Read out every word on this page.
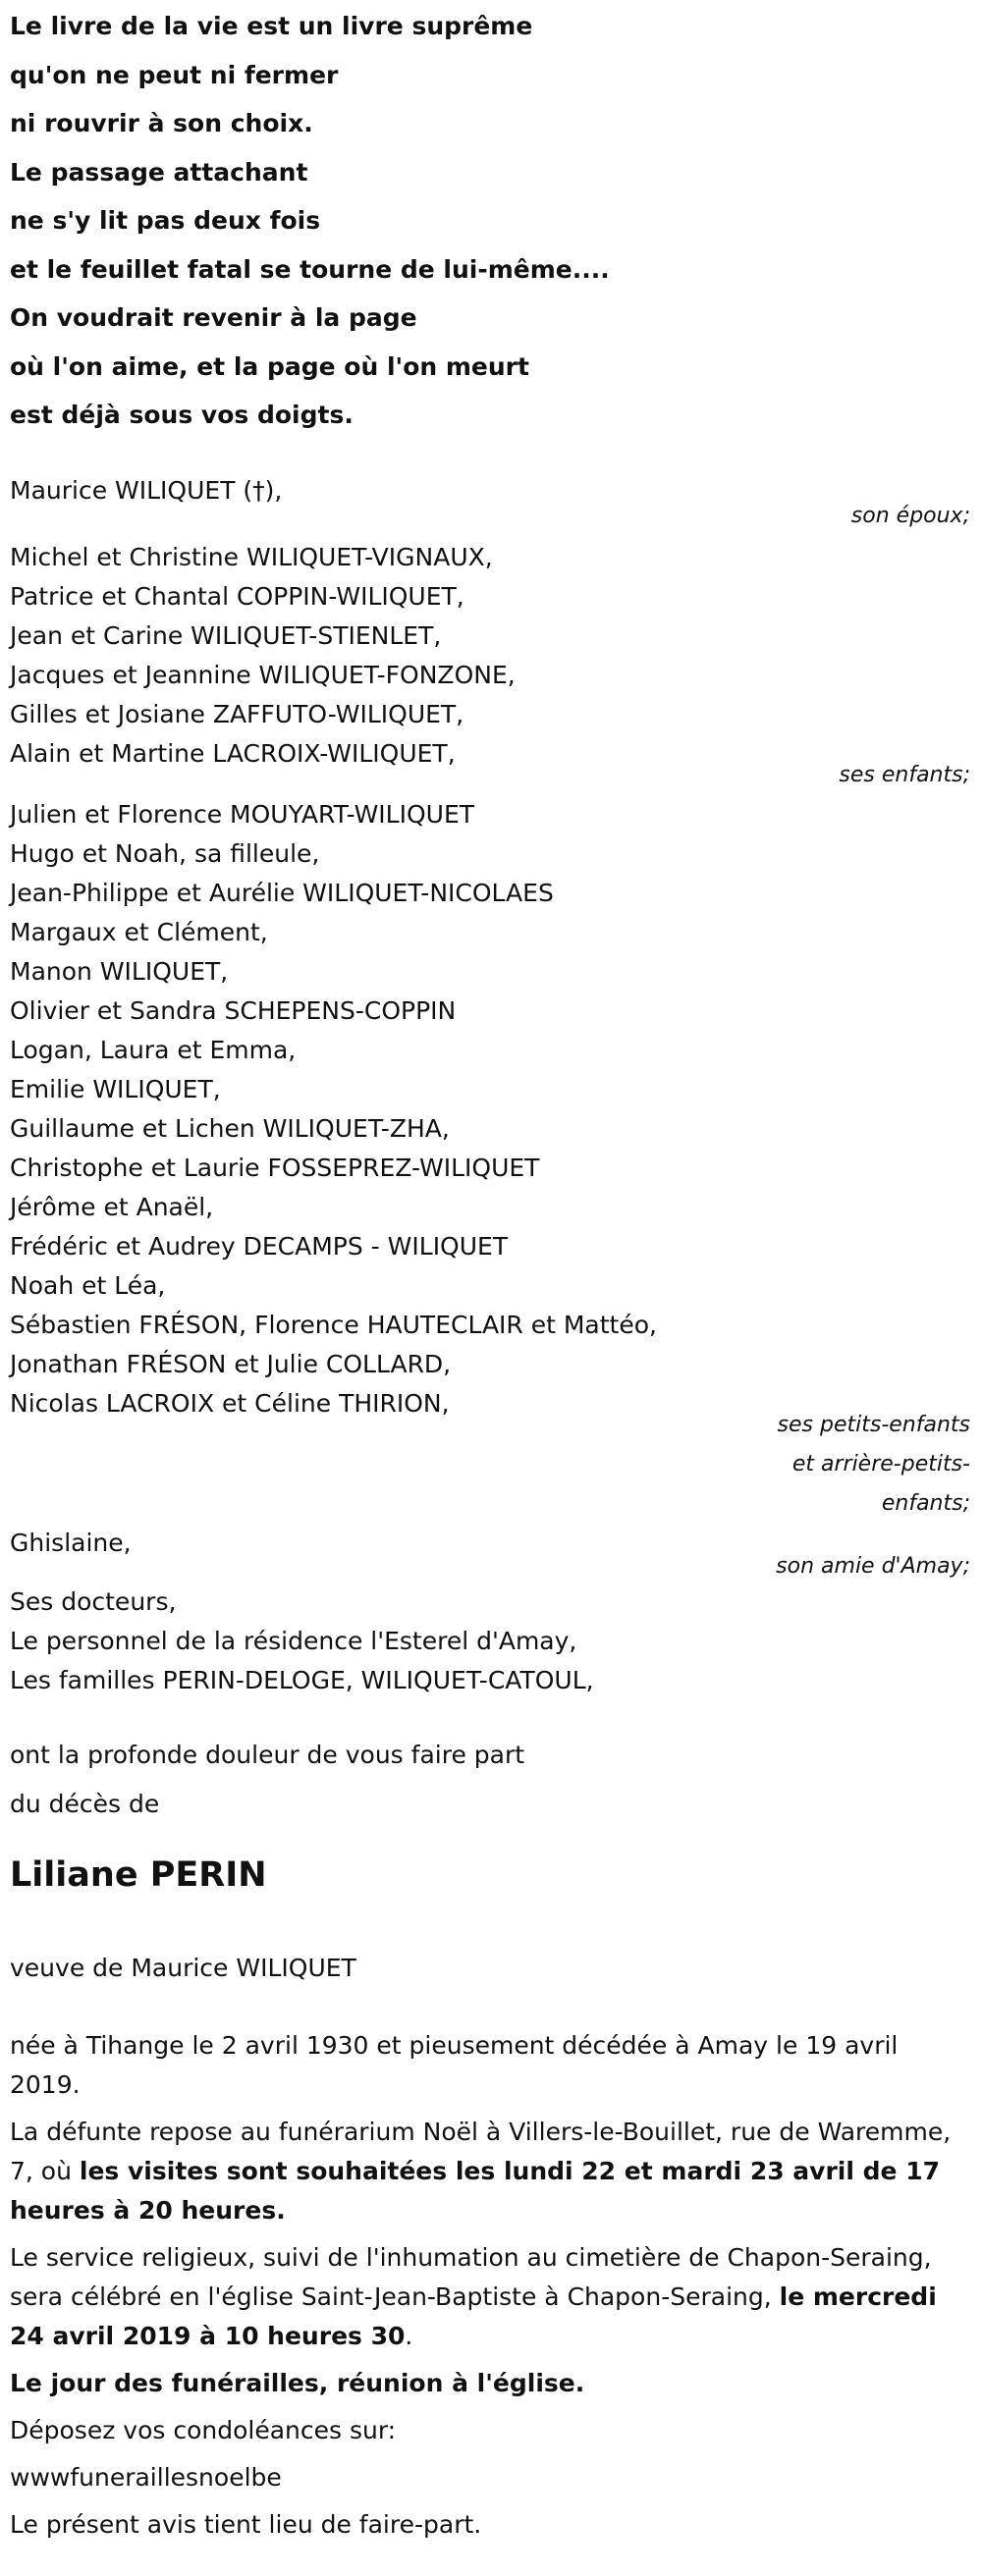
Le livre de la vie est un livre suprême
qu'on ne peut ni fermer
ni rouvrir à son choix.
Le passage attachant
ne s'y lit pas deux fois
et le feuillet fatal se tourne de lui-même....
On voudrait revenir à la page
où l'on aime, et la page où l'on meurt
est déjà sous vos doigts.
Maurice WILIQUET (†),
son époux;
Michel et Christine WILIQUET-VIGNAUX,
Patrice et Chantal COPPIN-WILIQUET,
Jean et Carine WILIQUET-STIENLET,
Jacques et Jeannine WILIQUET-FONZONE,
Gilles et Josiane ZAFFUTO-WILIQUET,
Alain et Martine LACROIX-WILIQUET,
ses enfants;
Julien et Florence MOUYART-WILIQUET
Hugo et Noah, sa filleule,
Jean-Philippe et Aurélie WILIQUET-NICOLAES
Margaux et Clément,
Manon WILIQUET,
Olivier et Sandra SCHEPENS-COPPIN
Logan, Laura et Emma,
Emilie WILIQUET,
Guillaume et Lichen WILIQUET-ZHA,
Christophe et Laurie FOSSEPREZ-WILIQUET
Jérôme et Anaël,
Frédéric et Audrey DECAMPS - WILIQUET
Noah et Léa,
Sébastien FRÉSON, Florence HAUTECLAIR et Mattéo,
Jonathan FRÉSON et Julie COLLARD,
Nicolas LACROIX et Céline THIRION,
ses petits-enfants
et arrière-petits-
enfants;
Ghislaine,
son amie d'Amay;
Ses docteurs,
Le personnel de la résidence l'Esterel d'Amay,
Les familles PERIN-DELOGE, WILIQUET-CATOUL,
ont la profonde douleur de vous faire part
du décès de
Liliane PERIN
veuve de Maurice WILIQUET

née à Tihange le 2 avril 1930 et pieusement décédée à Amay le 19 avril 2019.

La défunte repose au funérarium Noël à Villers-le-Bouillet, rue de Waremme, 7, où les visites sont souhaitées les lundi 22 et mardi 23 avril de 17 heures à 20 heures.

Le service religieux, suivi de l'inhumation au cimetière de Chapon-Seraing, sera célébré en l'église Saint-Jean-Baptiste à Chapon-Seraing, le mercredi 24 avril 2019 à 10 heures 30.

Le jour des funérailles, réunion à l'église.

Déposez vos condoléances sur:

wwwfuneraillesnoelbe

Le présent avis tient lieu de faire-part.
